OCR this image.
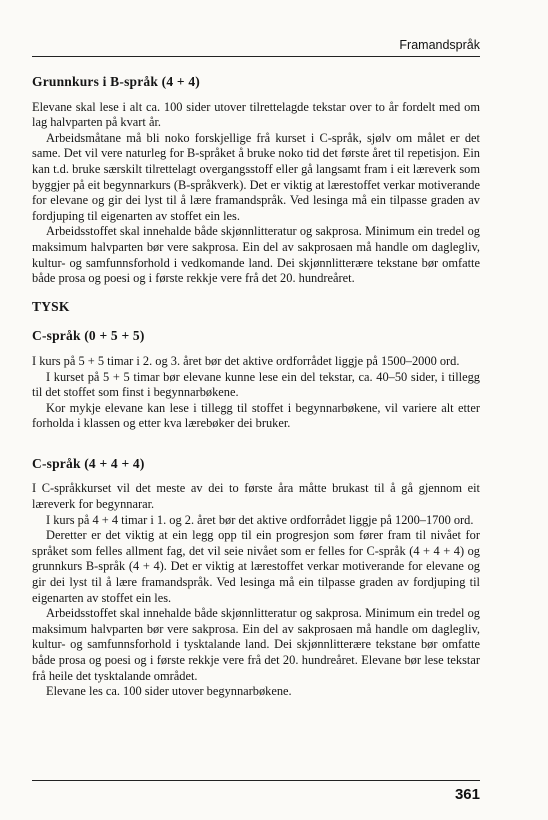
Framandspråk
Grunnkurs i B-språk (4 + 4)

Elevane skal lese i alt ca. 100 sider utover tilrettelagde tekstar over to år fordelt med om lag halvparten på kvart år.

Arbeidsmåtane må bli noko forskjellige frå kurset i C-språk, sjølv om målet er det same. Det vil vere naturleg for B-språket å bruke noko tid det første året til repetisjon. Ein kan t.d. bruke særskilt tilrettelagt overgangsstoff eller gå langsamt fram i eit læreverk som byggjer på eit begynnarkurs (B-språkverk). Det er viktig at lærestoffet verkar motiverande for elevane og gir dei lyst til å lære framandspråk. Ved lesinga må ein tilpasse graden av fordjuping til eigenarten av stoffet ein les.

Arbeidsstoffet skal innehalde både skjønnlitteratur og sakprosa. Minimum ein tredel og maksimum halvparten bør vere sakprosa. Ein del av sakprosaen må handle om daglegliv, kultur- og samfunnsforhold i vedkomande land. Dei skjønnlitterære tekstane bør omfatte både prosa og poesi og i første rekkje vere frå det 20. hundreåret.

TYSK
C-språk (0 + 5 + 5)

I kurs på 5 + 5 timar i 2. og 3. året bør det aktive ordforrådet liggje på 1500–2000 ord.

I kurset på 5 + 5 timar bør elevane kunne lese ein del tekstar, ca. 40–50 sider, i tillegg til det stoffet som finst i begynnarbøkene.

Kor mykje elevane kan lese i tillegg til stoffet i begynnarbøkene, vil variere alt etter forholda i klassen og etter kva lærebøker dei bruker.

C-språk (4 + 4 + 4)

I C-språkkurset vil det meste av dei to første åra måtte brukast til å gå gjennom eit læreverk for begynnarar.

I kurs på 4 + 4 timar i 1. og 2. året bør det aktive ordforrådet liggje på 1200–1700 ord.

Deretter er det viktig at ein legg opp til ein progresjon som fører fram til nivået for språket som felles allment fag, det vil seie nivået som er felles for C-språk (4 + 4 + 4) og grunnkurs B-språk (4 + 4). Det er viktig at lærestoffet verkar motiverande for elevane og gir dei lyst til å lære framandspråk. Ved lesinga må ein tilpasse graden av fordjuping til eigenarten av stoffet ein les.

Arbeidsstoffet skal innehalde både skjønnlitteratur og sakprosa. Minimum ein tredel og maksimum halvparten bør vere sakprosa. Ein del av sakprosaen må handle om daglegliv, kultur- og samfunnsforhold i tysktalande land. Dei skjønnlitterære tekstane bør omfatte både prosa og poesi og i første rekkje vere frå det 20. hundreåret. Elevane bør lese tekstar frå heile det tysktalande området.

Elevane les ca. 100 sider utover begynnarbøkene.

361
